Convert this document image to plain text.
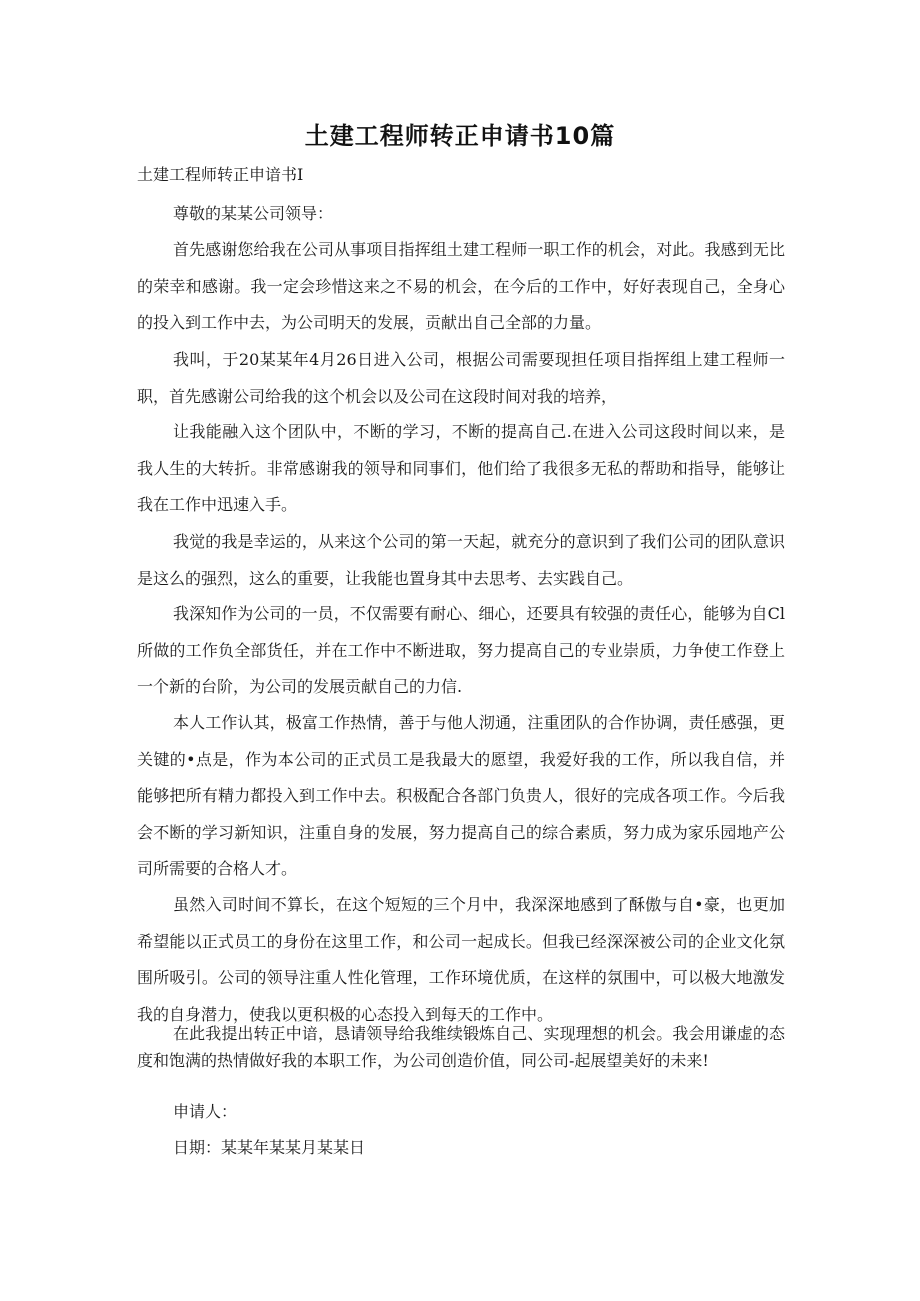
土建工程师转正申请书10篇
土建工程师转正申谙书I

尊敬的某某公司领导：

首先感谢您给我在公司从事项目指挥组土建工程师一职工作的机会，对此。我感到无比的荣幸和感谢。我一定会珍惜这来之不易的机会，在今后的工作中，好好表现自己，全身心的投入到工作中去，为公司明天的发展，贡献出自己全部的力量。

我叫，于20某某年4月26日进入公司，根据公司需要现担任项目指挥组上建工程师一职，首先感谢公司给我的这个机会以及公司在这段时间对我的培养，

让我能融入这个团队中，不断的学习，不断的提高自己.在进入公司这段时间以来，是我人生的大转折。非常感谢我的领导和同事们，他们给了我很多无私的帮助和指导，能够让我在工作中迅速入手。

我觉的我是幸运的，从来这个公司的第一天起，就充分的意识到了我们公司的团队意识是这么的强烈，这么的重要，让我能也置身其中去思考、去实践自己。

我深知作为公司的一员，不仅需要有耐心、细心，还要具有较强的责任心，能够为自Cl所做的工作负全部货任，并在工作中不断进取，努力提高自己的专业崇质，力争使工作登上一个新的台阶，为公司的发展贡献自己的力信.

本人工作认其，极富工作热情，善于与他人沏通，注重团队的合作协调，责任感强，更关键的•点是，作为本公司的正式员工是我最大的愿望，我爱好我的工作，所以我自信，并能够把所有精力都投入到工作中去。积极配合各部门负贵人，很好的完成各项工作。今后我会不断的学习新知识，注重自身的发展，努力提高自己的综合素质，努力成为家乐园地产公司所需要的合格人才。

虽然入司时间不算长，在这个短短的三个月中，我深深地感到了酥傲与自•豪，也更加希望能以正式员工的身份在这里工作，和公司一起成长。但我已经深深被公司的企业文化氛围所吸引。公司的领导注重人性化管理，工作环境优质，在这样的氛围中，可以极大地激发我的自身潜力，使我以更积极的心态投入到每天的工作中。

在此我提出转正中谙，恳请领导给我维续锻炼自己、实现理想的机会。我会用谦虚的态度和饱满的热情做好我的本职工作，为公司创造价值，同公司-起展望美好的未来!

申请人：

日期：某某年某某月某某日
